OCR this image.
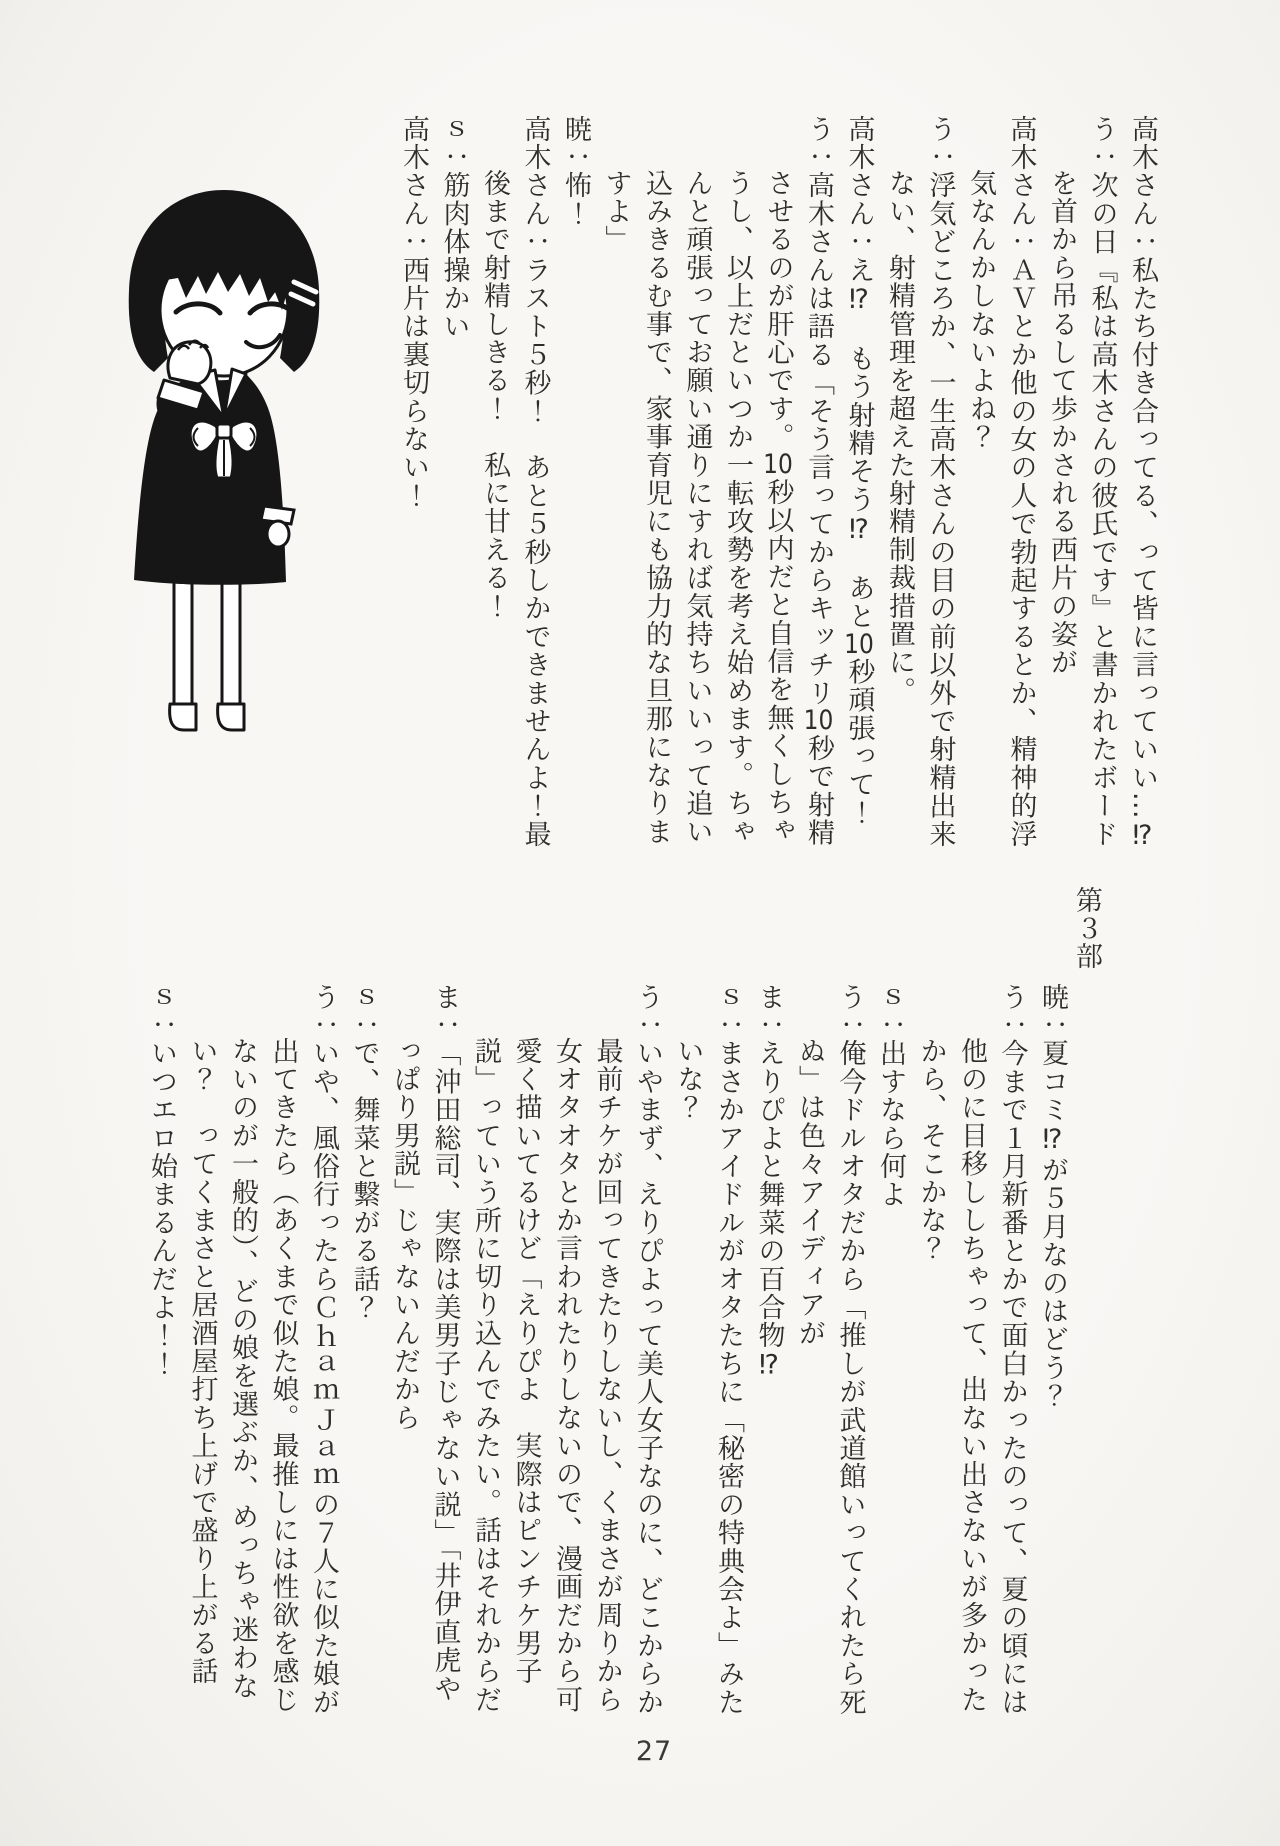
高木さん：私たち付き合ってる、って皆に言っていい…⁉

う：次の日『私は高木さんの彼氏です』と書かれたボードを首から吊るして歩かされる西片の姿が

高木さん：ＡＶとか他の女の人で勃起するとか、精神的浮気なんかしないよね？

う：浮気どころか、一生高木さんの目の前以外で射精出来ない、射精管理を超えた射精制裁措置に。

高木さん：え⁉　もう射精そう⁉　あと10秒頑張って！

う：高木さんは語る「そう言ってからキッチリ10秒で射精させるのが肝心です。10秒以内だと自信を無くしちゃうし、以上だといつか一転攻勢を考え始めます。ちゃんと頑張ってお願い通りにすれば気持ちいいって追い込みきるむ事で、家事育児にも協力的な旦那になりますよ」

暁：怖！

高木さん：ラスト５秒！　あと５秒しかできませんよ！最後まで射精しきる！　私に甘える！

ｓ：筋肉体操かい

高木さん：西片は裏切らない！

第３部

暁：夏コミ⁉が５月なのはどう？

う：今まで１月新番とかで面白かったのって、夏の頃には他のに目移ししちゃって、出ない出さないが多かったから、そこかな？

ｓ：出すなら何よ

う：俺今ドルオタだから「推しが武道館いってくれたら死ぬ」は色々アイディアが

ま：えりぴよと舞菜の百合物⁉

ｓ：まさかアイドルがオタたちに「秘密の特典会よ」みたいな？

う：いやまず、えりぴよって美人女子なのに、どこからか最前チケが回ってきたりしないし、くまさが周りから女オタオタとか言われたりしないので、漫画だから可愛く描いてるけど「えりぴよ　実際はピンチケ男子説」っていう所に切り込んでみたい。話はそれからだ

ま：「沖田総司、実際は美男子じゃない説」「井伊直虎やっぱり男説」じゃないんだから

ｓ：で、舞菜と繋がる話？

う：いや、風俗行ったらＣｈａｍＪａｍの７人に似た娘が出てきたら（あくまで似た娘。最推しには性欲を感じないのが一般的）、どの娘を選ぶか、めっちゃ迷わない？　ってくまさと居酒屋打ち上げで盛り上がる話

ｓ：いつエロ始まるんだよ！！

27
